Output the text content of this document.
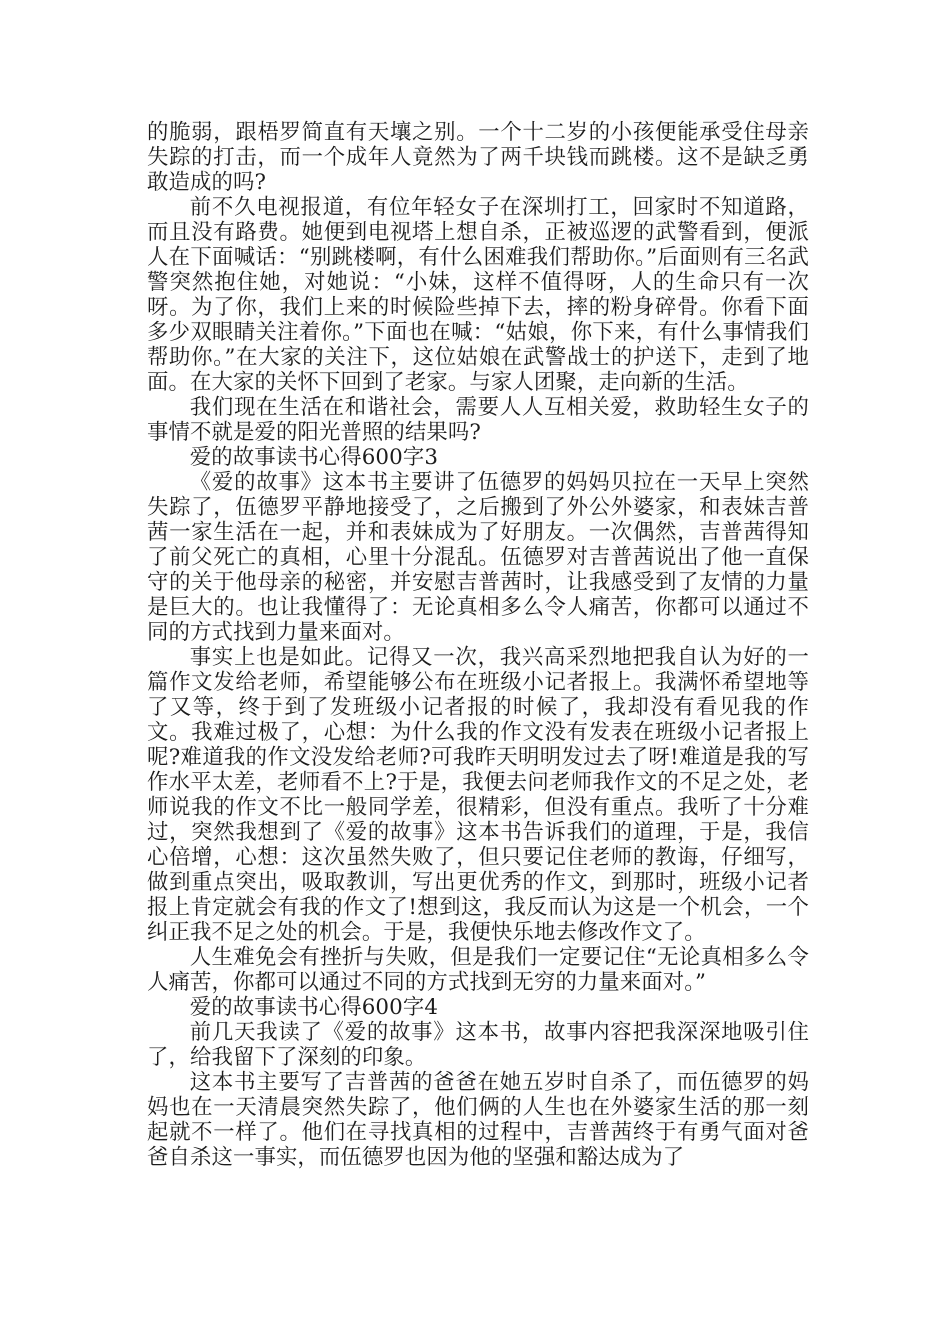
的脆弱，跟梧罗简直有天壤之别。一个十二岁的小孩便能承受住母亲失踪的打击，而一个成年人竟然为了两千块钱而跳楼。这不是缺乏勇敢造成的吗?

前不久电视报道，有位年轻女子在深圳打工，回家时不知道路，而且没有路费。她便到电视塔上想自杀，正被巡逻的武警看到，便派人在下面喊话：“别跳楼啊，有什么困难我们帮助你。”后面则有三名武警突然抱住她，对她说：“小妹，这样不值得呀，人的生命只有一次呀。为了你，我们上来的时候险些掉下去，摔的粉身碎骨。你看下面多少双眼睛关注着你。”下面也在喊：“姑娘，你下来，有什么事情我们帮助你。”在大家的关注下，这位姑娘在武警战士的护送下，走到了地面。在大家的关怀下回到了老家。与家人团聚，走向新的生活。

我们现在生活在和谐社会，需要人人互相关爱，救助轻生女子的事情不就是爱的阳光普照的结果吗?

爱的故事读书心得600字3

《爱的故事》这本书主要讲了伍德罗的妈妈贝拉在一天早上突然失踪了，伍德罗平静地接受了，之后搬到了外公外婆家，和表妹吉普茜一家生活在一起，并和表妹成为了好朋友。一次偶然，吉普茜得知了前父死亡的真相，心里十分混乱。伍德罗对吉普茜说出了他一直保守的关于他母亲的秘密，并安慰吉普茜时，让我感受到了友情的力量是巨大的。也让我懂得了：无论真相多么令人痛苦，你都可以通过不同的方式找到力量来面对。

事实上也是如此。记得又一次，我兴高采烈地把我自认为好的一篇作文发给老师，希望能够公布在班级小记者报上。我满怀希望地等了又等，终于到了发班级小记者报的时候了，我却没有看见我的作文。我难过极了，心想：为什么我的作文没有发表在班级小记者报上呢?难道我的作文没发给老师?可我昨天明明发过去了呀!难道是我的写作水平太差，老师看不上?于是，我便去问老师我作文的不足之处，老师说我的作文不比一般同学差，很精彩，但没有重点。我听了十分难过，突然我想到了《爱的故事》这本书告诉我们的道理，于是，我信心倍增，心想：这次虽然失败了，但只要记住老师的教诲，仔细写，做到重点突出，吸取教训，写出更优秀的作文，到那时，班级小记者报上肯定就会有我的作文了!想到这，我反而认为这是一个机会，一个纠正我不足之处的机会。于是，我便快乐地去修改作文了。

人生难免会有挫折与失败，但是我们一定要记住“无论真相多么令人痛苦，你都可以通过不同的方式找到无穷的力量来面对。”

爱的故事读书心得600字4

前几天我读了《爱的故事》这本书，故事内容把我深深地吸引住了，给我留下了深刻的印象。

这本书主要写了吉普茜的爸爸在她五岁时自杀了，而伍德罗的妈妈也在一天清晨突然失踪了，他们俩的人生也在外婆家生活的那一刻起就不一样了。他们在寻找真相的过程中，吉普茜终于有勇气面对爸爸自杀这一事实，而伍德罗也因为他的坚强和豁达成为了
